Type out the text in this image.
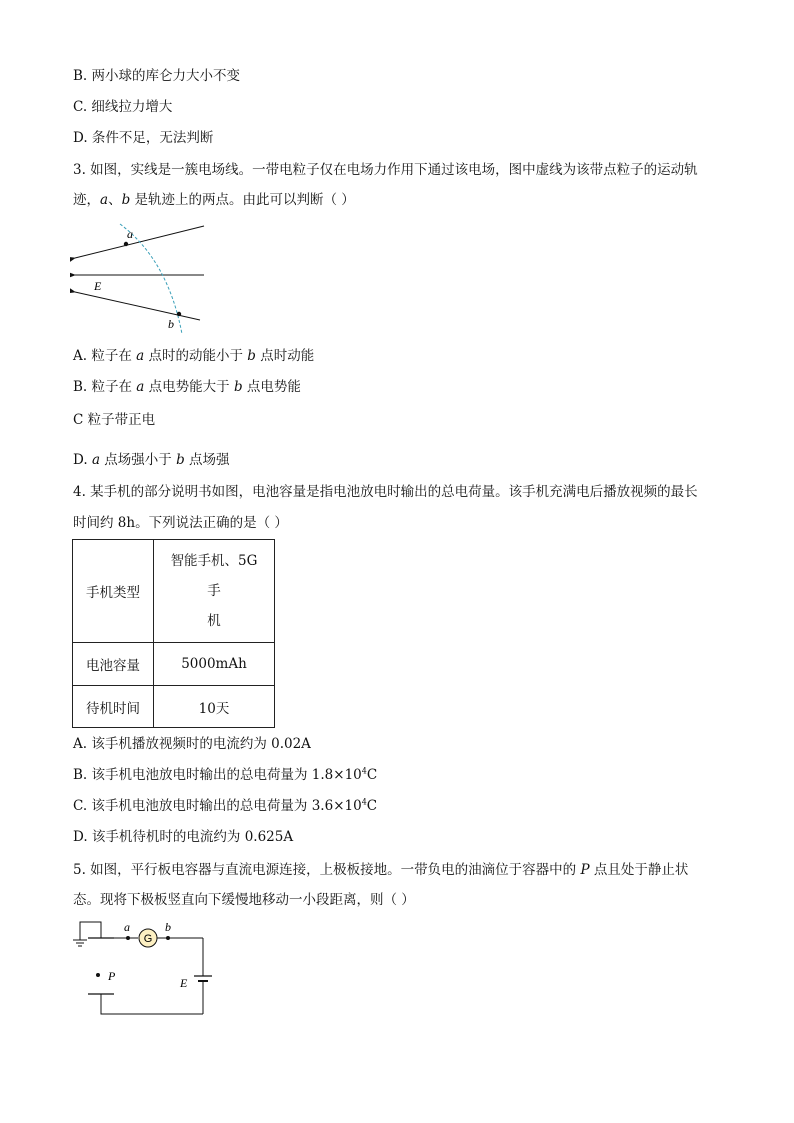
B. 两小球的库仑力大小不变
C. 细线拉力增大
D. 条件不足，无法判断
3. 如图，实线是一簇电场线。一带电粒子仅在电场力作用下通过该电场，图中虚线为该带点粒子的运动轨
迹，a、b 是轨迹上的两点。由此可以判断（ ）
a
b
E
A. 粒子在 a 点时的动能小于 b 点时动能
B. 粒子在 a 点电势能大于 b 点电势能
C 粒子带正电
D. a 点场强小于 b 点场强
4. 某手机的部分说明书如图，电池容量是指电池放电时输出的总电荷量。该手机充满电后播放视频的最长
时间约 8h。下列说法正确的是（ ）
手机类型	智能手机、5G 手
机

电池容量	5000mAh
待机时间	10天
A. 该手机播放视频时的电流约为 0.02A
B. 该手机电池放电时输出的总电荷量为 $1.8\times 10^4C$
C. 该手机电池放电时输出的总电荷量为 $3.6\times 10^4C$
D. 该手机待机时的电流约为 0.625A
5. 如图，平行板电容器与直流电源连接，上极板接地。一带负电的油滴位于容器中的 P 点且处于静止状
态。现将下极板竖直向下缓慢地移动一小段距离，则（ ）
G
a	b
E
P
